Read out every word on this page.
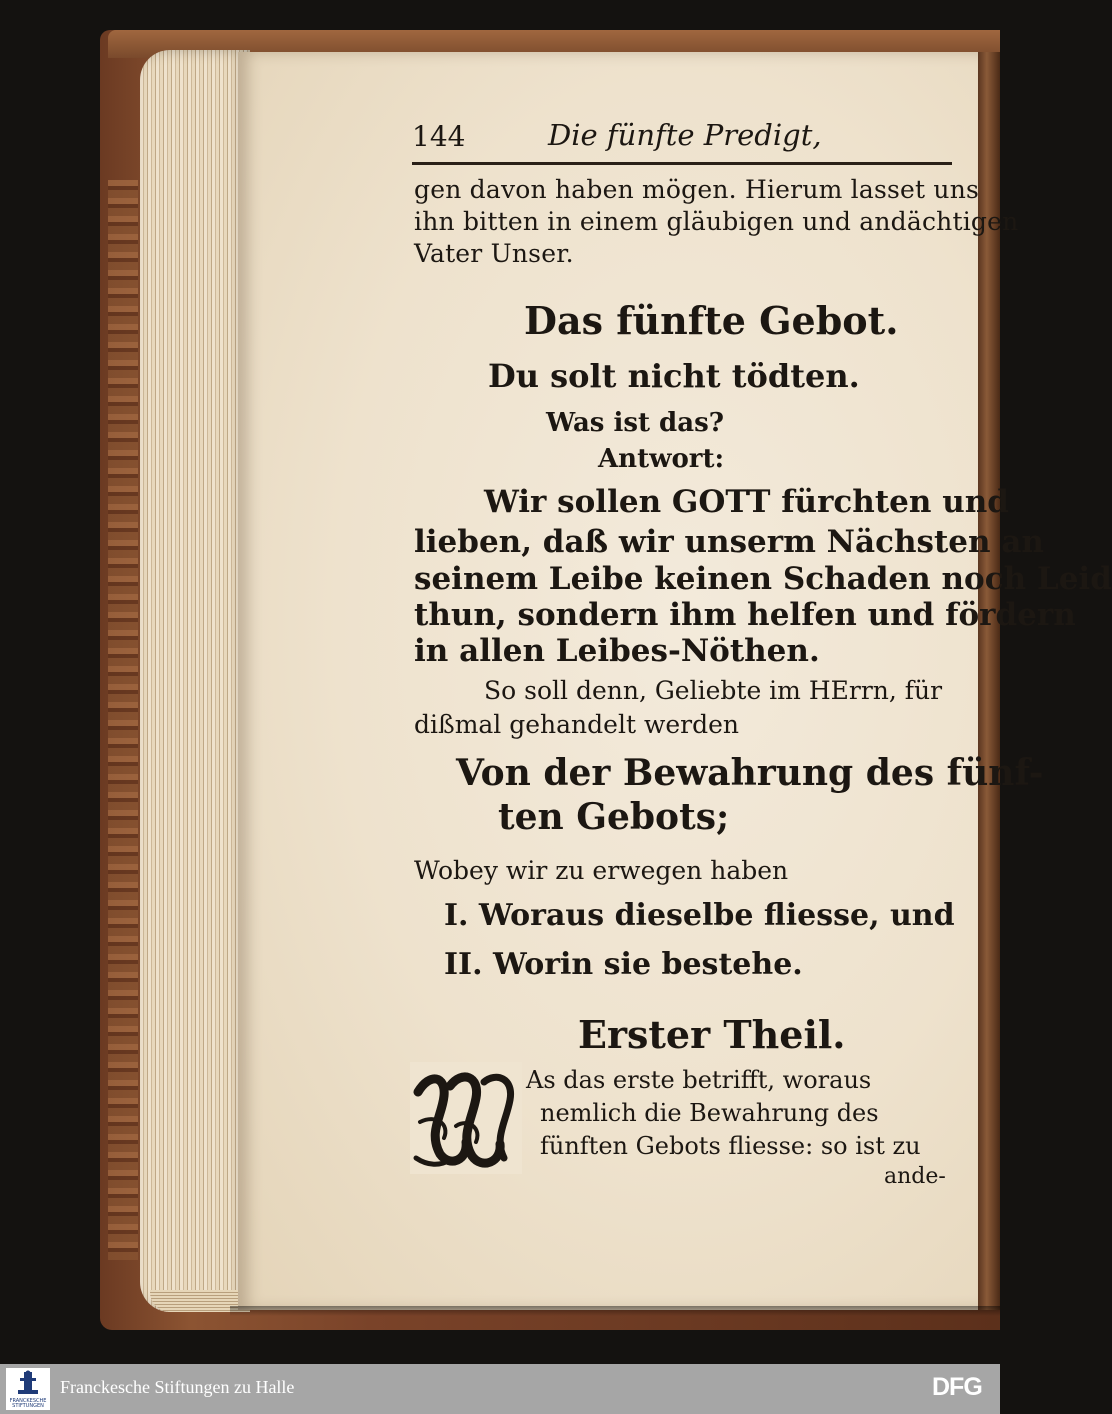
144	Die fünfte Predigt,
gen davon haben mögen. Hierum lasset uns
ihn bitten in einem gläubigen und andächtigen
Vater Unser.
Das fünfte Gebot.
Du solt nicht tödten.
Was ist das?
Antwort:
Wir sollen GOTT fürchten und
lieben, daß wir unserm Nächsten an
seinem Leibe keinen Schaden noch Leid
thun, sondern ihm helfen und fördern
in allen Leibes-Nöthen.
So soll denn, Geliebte im HErrn, für
dißmal gehandelt werden
Von der Bewahrung des fünf-
ten Gebots;
Wobey wir zu erwegen haben
I. Woraus dieselbe fliesse, und
II. Worin sie bestehe.
Erster Theil.
As das erste betrifft, woraus
nemlich die Bewahrung des
fünften Gebots fliesse: so ist zu
ande-
FRANCKESCHE
STIFTUNGEN
Franckesche Stiftungen zu Halle	DFG
